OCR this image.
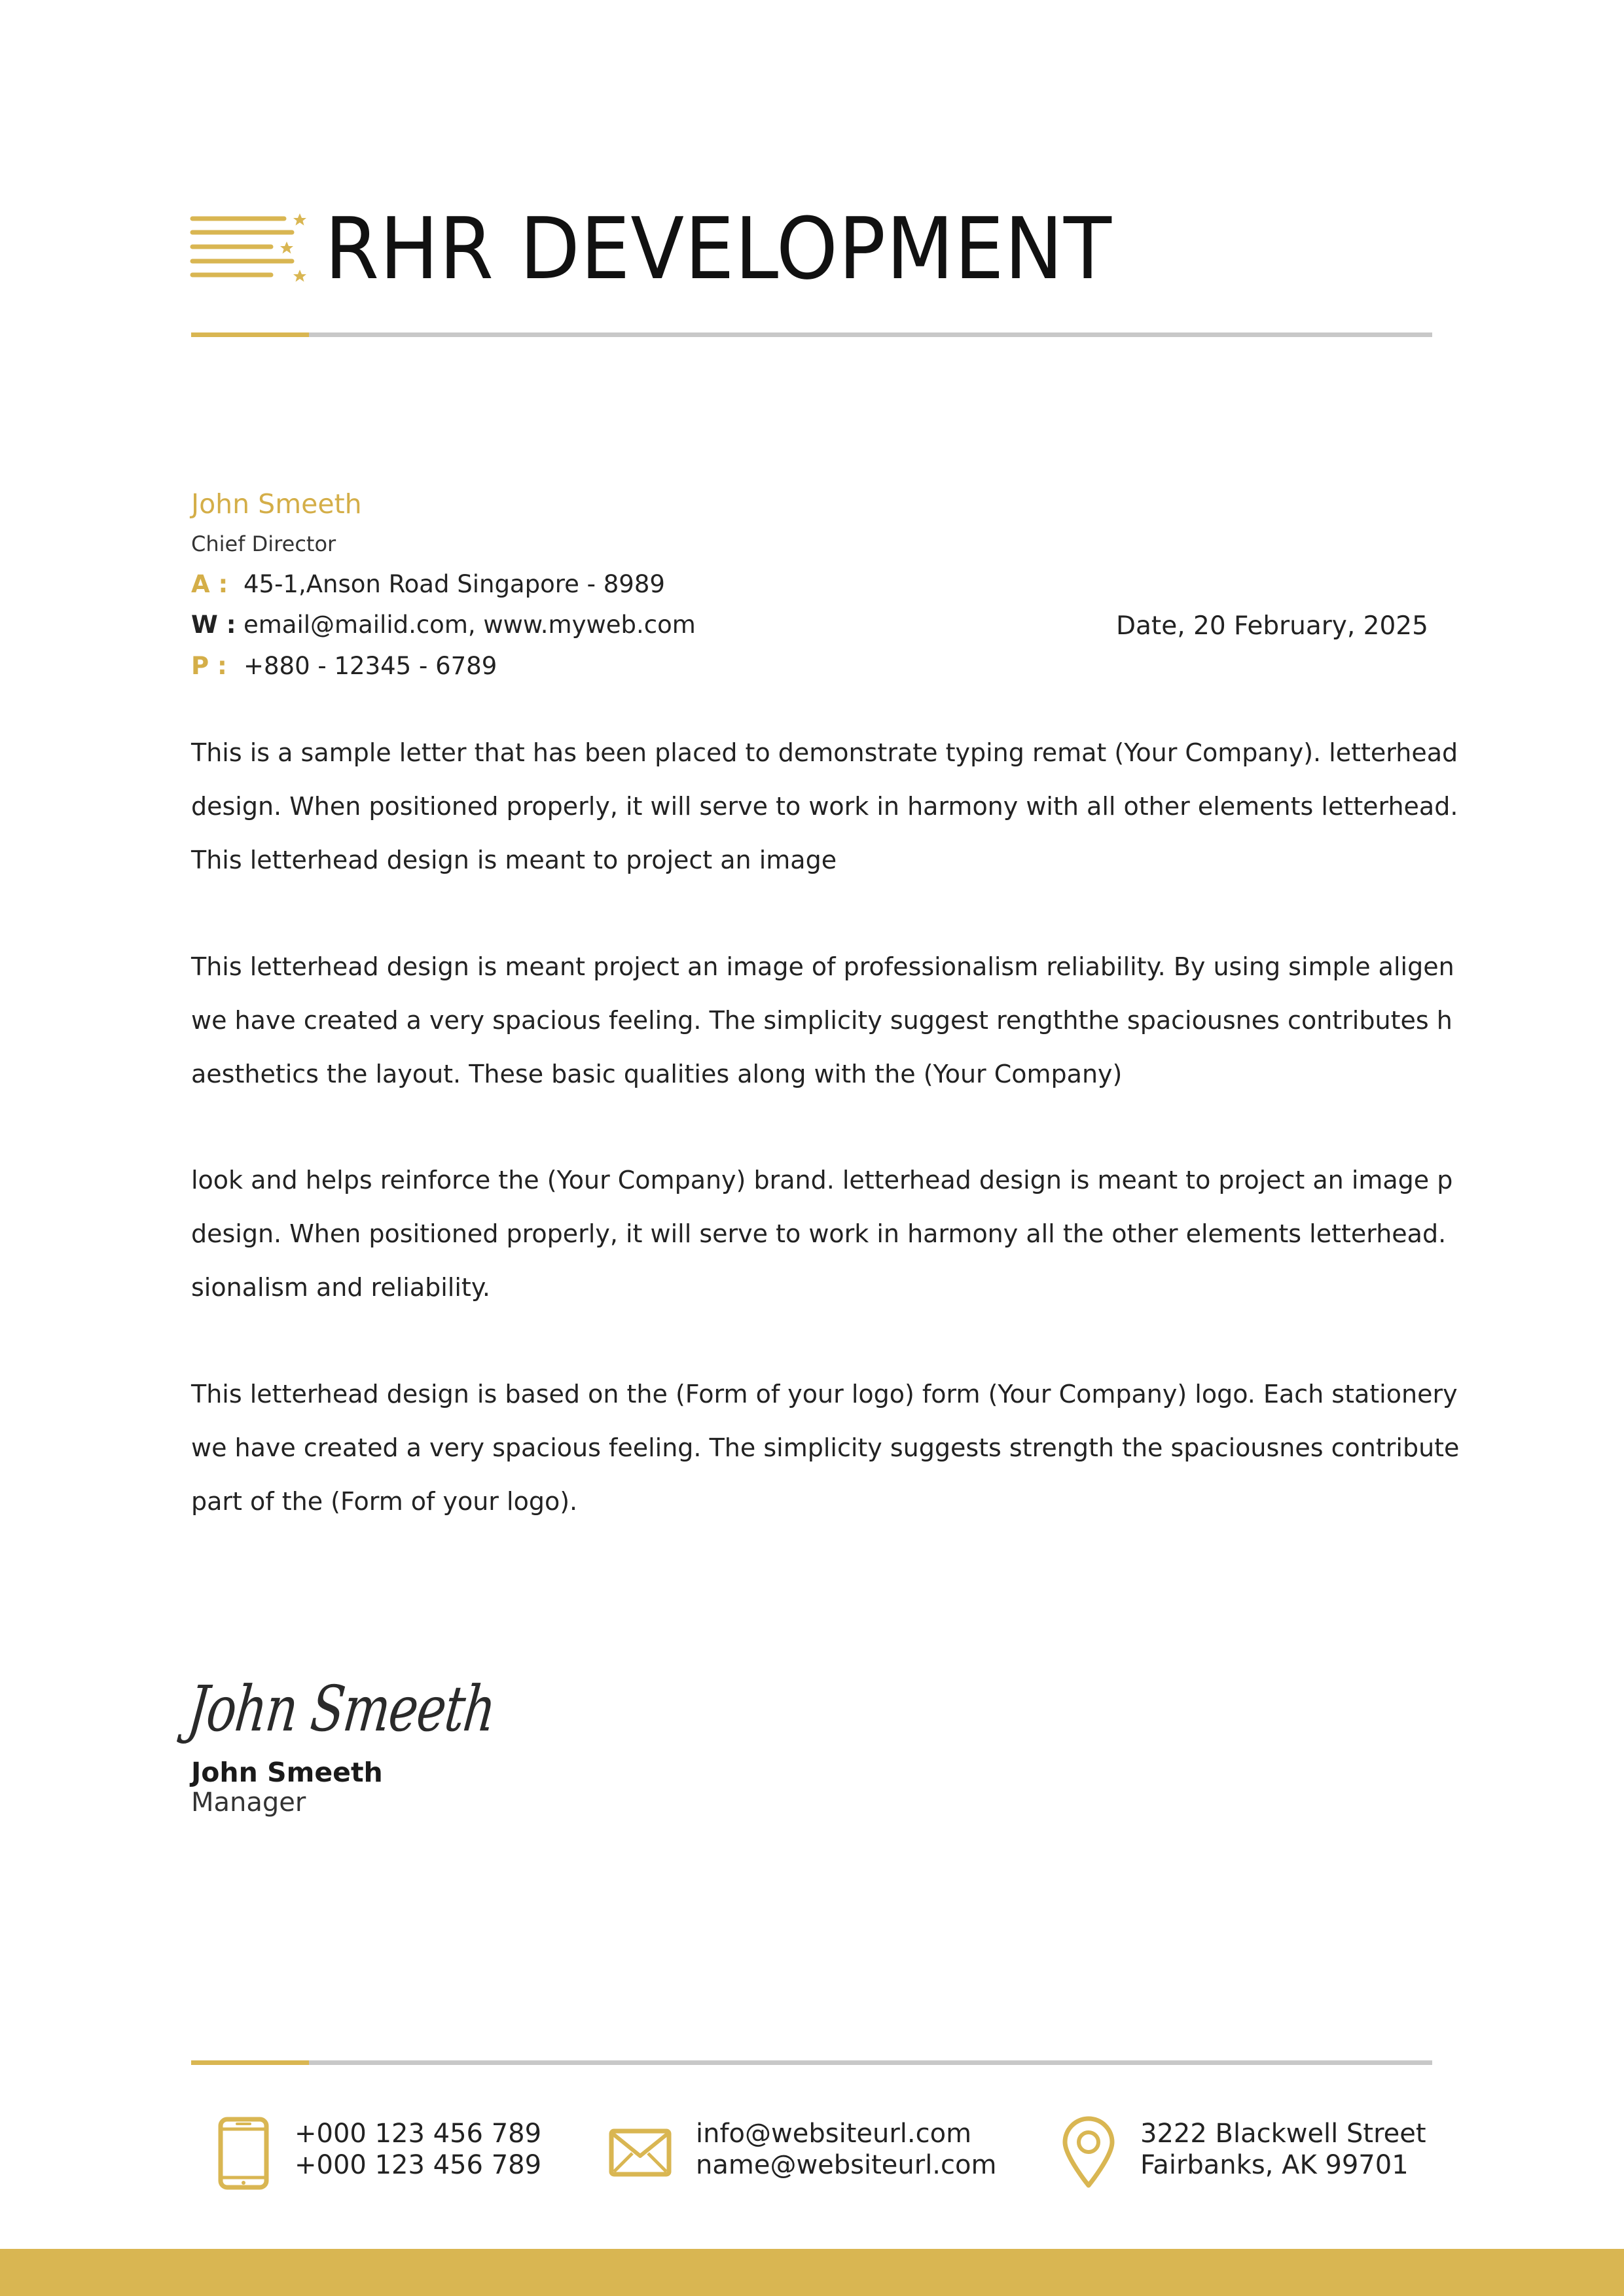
RHR DEVELOPMENT
John Smeeth
Chief Director
A : 45-1,Anson Road Singapore - 8989
W : email@mailid.com, www.myweb.com
P : +880 - 12345 - 6789
Date, 20 February, 2025
This is a sample letter that has been placed to demonstrate typing remat (Your Company). letterhead
design. When positioned properly, it will serve to work in harmony with all other elements letterhead.
This letterhead design is meant to project an image
This letterhead design is meant project an image of professionalism reliability. By using simple aligen
we have created a very spacious feeling. The simplicity suggest rengththe spaciousnes contributes h
aesthetics the layout. These basic qualities along with the (Your Company)
look and helps reinforce the (Your Company) brand. letterhead design is meant to project an image p
design. When positioned properly, it will serve to work in harmony all the other elements letterhead.
sionalism and reliability.
This letterhead design is based on the (Form of your logo) form (Your Company) logo. Each stationery
we have created a very spacious feeling. The simplicity suggests strength the spaciousnes contribute
part of the (Form of your logo).
John Smeeth
John Smeeth
Manager
+000 123 456 789
+000 123 456 789
info@websiteurl.com
name@websiteurl.com
3222 Blackwell Street
Fairbanks, AK 99701
